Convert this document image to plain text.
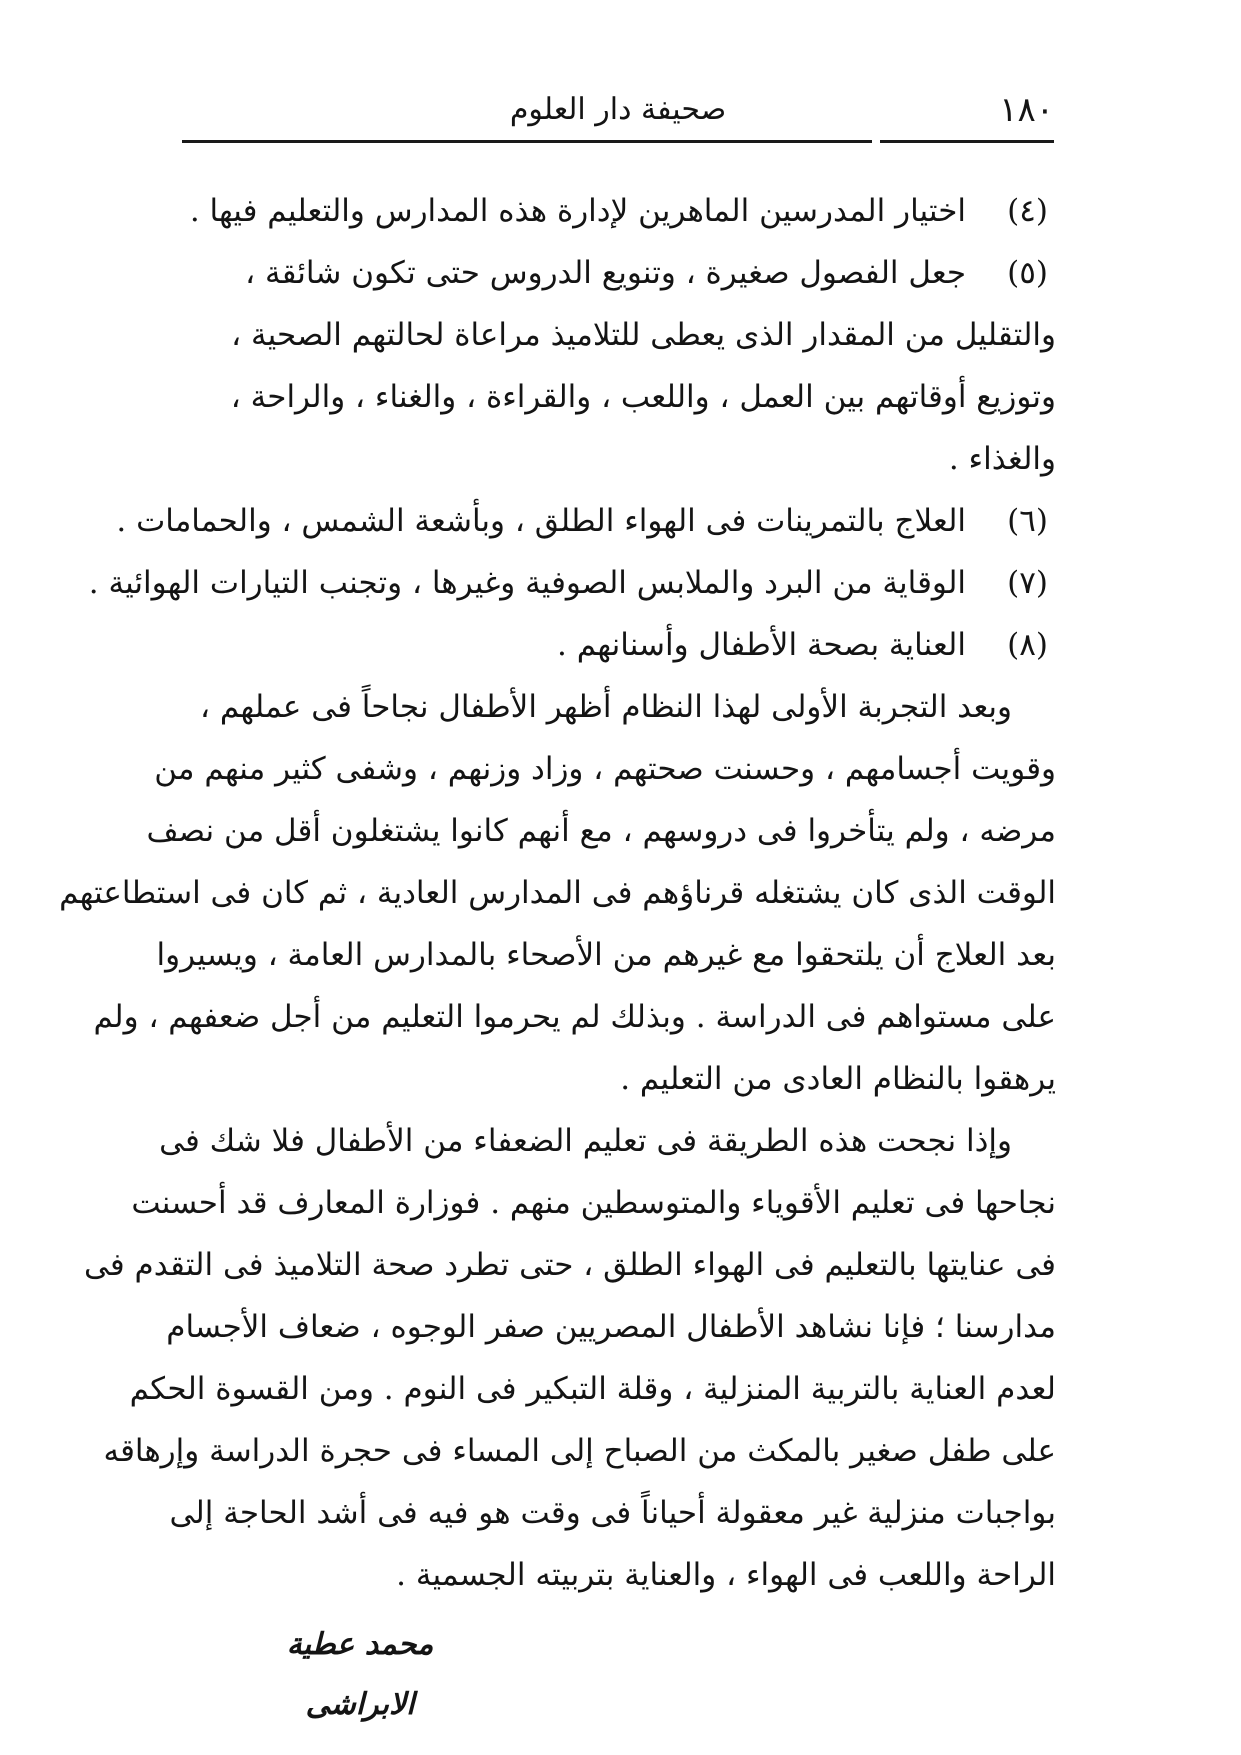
١٨٠
صحيفة دار العلوم
(٤)اختيار المدرسين الماهرين لإدارة هذه المدارس والتعليم فيها .
(٥)جعل الفصول صغيرة ، وتنويع الدروس حتى تكون شائقة ،
والتقليل من المقدار الذى يعطى للتلاميذ مراعاة لحالتهم الصحية ،
وتوزيع أوقاتهم بين العمل ، واللعب ، والقراءة ، والغناء ، والراحة ،
والغذاء .
(٦)العلاج بالتمرينات فى الهواء الطلق ، وبأشعة الشمس ، والحمامات .
(٧)الوقاية من البرد والملابس الصوفية وغيرها ، وتجنب التيارات الهوائية .
(٨)العناية بصحة الأطفال وأسنانهم .
وبعد التجربة الأولى لهذا النظام أظهر الأطفال نجاحاً فى عملهم ،
وقويت أجسامهم ، وحسنت صحتهم ، وزاد وزنهم ، وشفى كثير منهم من
مرضه ، ولم يتأخروا فى دروسهم ، مع أنهم كانوا يشتغلون أقل من نصف
الوقت الذى كان يشتغله قرناؤهم فى المدارس العادية ، ثم كان فى استطاعتهم
بعد العلاج أن يلتحقوا مع غيرهم من الأصحاء بالمدارس العامة ، ويسيروا
على مستواهم فى الدراسة . وبذلك لم يحرموا التعليم من أجل ضعفهم ، ولم
يرهقوا بالنظام العادى من التعليم .
وإذا نجحت هذه الطريقة فى تعليم الضعفاء من الأطفال فلا شك فى
نجاحها فى تعليم الأقوياء والمتوسطين منهم . فوزارة المعارف قد أحسنت
فى عنايتها بالتعليم فى الهواء الطلق ، حتى تطرد صحة التلاميذ فى التقدم فى
مدارسنا ؛ فإنا نشاهد الأطفال المصريين صفر الوجوه ، ضعاف الأجسام
لعدم العناية بالتربية المنزلية ، وقلة التبكير فى النوم . ومن القسوة الحكم
على طفل صغير بالمكث من الصباح إلى المساء فى حجرة الدراسة وإرهاقه
بواجبات منزلية غير معقولة أحياناً فى وقت هو فيه فى أشد الحاجة إلى
الراحة واللعب فى الهواء ، والعناية بتربيته الجسمية .
محمد عطية الابراشى
